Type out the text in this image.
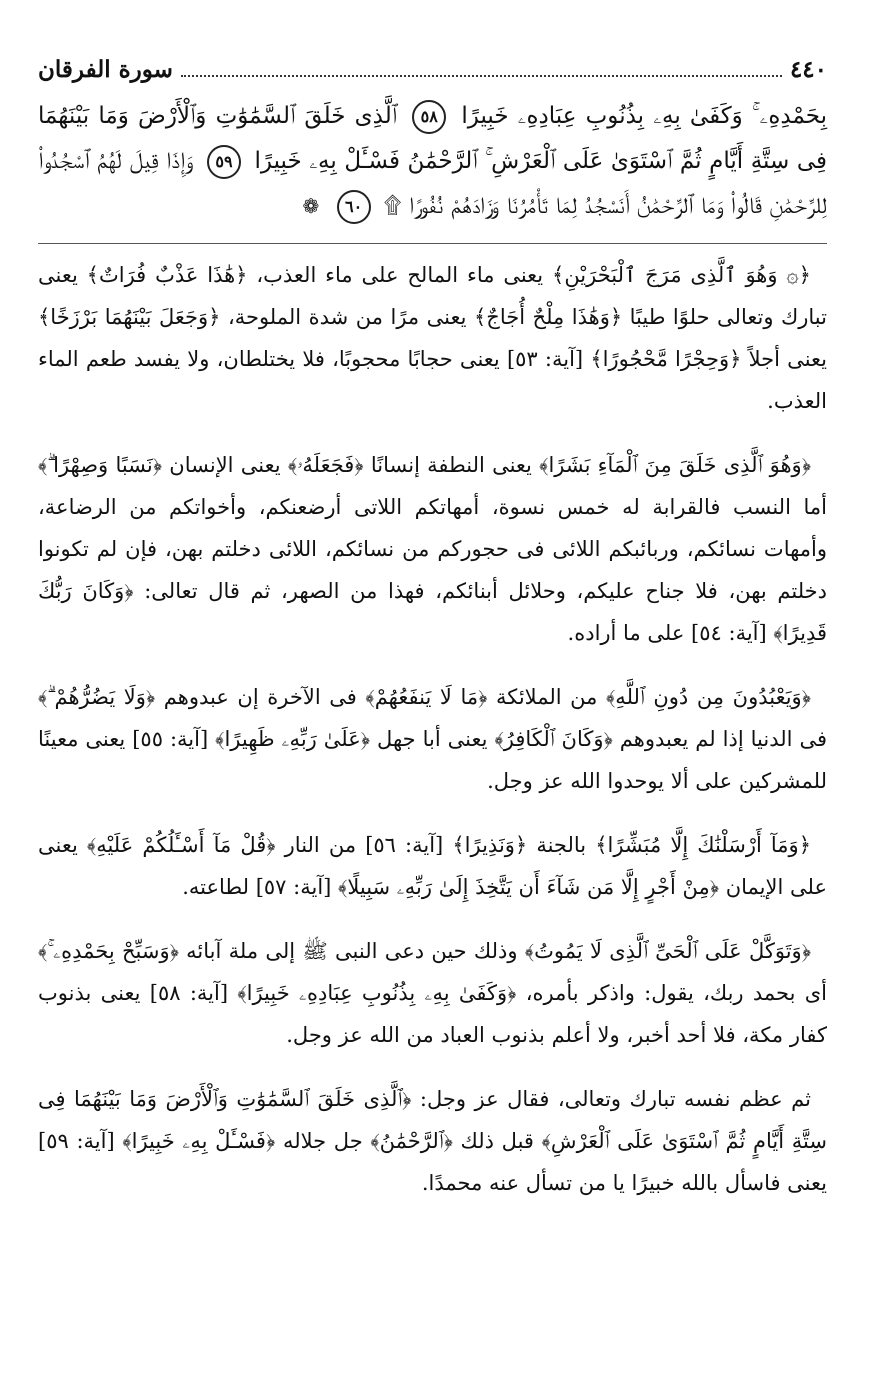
٤٤٠
سورة الفرقان
بِحَمْدِهِۦ ۚ وَكَفَىٰ بِهِۦ بِذُنُوبِ عِبَادِهِۦ خَبِيرًا ٥٨ ٱلَّذِى خَلَقَ ٱلسَّمَٰوَٰتِ وَٱلْأَرْضَ وَمَا بَيْنَهُمَا فِى سِتَّةِ أَيَّامٍ ثُمَّ ٱسْتَوَىٰ عَلَى ٱلْعَرْشِ ۚ ٱلرَّحْمَٰنُ فَسْـَٔلْ بِهِۦ خَبِيرًا ٥٩ وَإِذَا قِيلَ لَهُمُ ٱسْجُدُوا۟ لِلرَّحْمَٰنِ قَالُوا۟ وَمَا ٱلرَّحْمَٰنُ أَنَسْجُدُ لِمَا تَأْمُرُنَا وَزَادَهُمْ نُفُورًا ۩ ٦٠ ❁

﴿۞ وَهُوَ ٱلَّذِى مَرَجَ ٱلْبَحْرَيْنِ﴾ يعنى ماء المالح على ماء العذب، ﴿هَٰذَا عَذْبٌ فُرَاتٌ﴾ يعنى تبارك وتعالى حلوًا طيبًا ﴿وَهَٰذَا مِلْحٌ أُجَاجٌ﴾ يعنى مرًا من شدة الملوحة، ﴿وَجَعَلَ بَيْنَهُمَا بَرْزَخًا﴾ يعنى أجلاً ﴿وَحِجْرًا مَّحْجُورًا﴾ [آية: ٥٣] يعنى حجابًا محجوبًا، فلا يختلطان، ولا يفسد طعم الماء العذب.

﴿وَهُوَ ٱلَّذِى خَلَقَ مِنَ ٱلْمَآءِ بَشَرًا﴾ يعنى النطفة إنسانًا ﴿فَجَعَلَهُۥ﴾ يعنى الإنسان ﴿نَسَبًا وَصِهْرًا ۗ﴾ أما النسب فالقرابة له خمس نسوة، أمهاتكم اللاتى أرضعنكم، وأخواتكم من الرضاعة، وأمهات نسائكم، وربائبكم اللائى فى حجوركم من نسائكم، اللائى دخلتم بهن، فإن لم تكونوا دخلتم بهن، فلا جناح عليكم، وحلائل أبنائكم، فهذا من الصهر، ثم قال تعالى: ﴿وَكَانَ رَبُّكَ قَدِيرًا﴾ [آية: ٥٤] على ما أراده.

﴿وَيَعْبُدُونَ مِن دُونِ ٱللَّهِ﴾ من الملائكة ﴿مَا لَا يَنفَعُهُمْ﴾ فى الآخرة إن عبدوهم ﴿وَلَا يَضُرُّهُمْ ۗ﴾ فى الدنيا إذا لم يعبدوهم ﴿وَكَانَ ٱلْكَافِرُ﴾ يعنى أبا جهل ﴿عَلَىٰ رَبِّهِۦ ظَهِيرًا﴾ [آية: ٥٥] يعنى معينًا للمشركين على ألا يوحدوا الله عز وجل.

﴿وَمَآ أَرْسَلْنَٰكَ إِلَّا مُبَشِّرًا﴾ بالجنة ﴿وَنَذِيرًا﴾ [آية: ٥٦] من النار ﴿قُلْ مَآ أَسْـَٔلُكُمْ عَلَيْهِ﴾ يعنى على الإيمان ﴿مِنْ أَجْرٍ إِلَّا مَن شَآءَ أَن يَتَّخِذَ إِلَىٰ رَبِّهِۦ سَبِيلًا﴾ [آية: ٥٧] لطاعته.

﴿وَتَوَكَّلْ عَلَى ٱلْحَىِّ ٱلَّذِى لَا يَمُوتُ﴾ وذلك حين دعى النبى ﷺ إلى ملة آبائه ﴿وَسَبِّحْ بِحَمْدِهِۦ ۚ﴾ أى بحمد ربك، يقول: واذكر بأمره، ﴿وَكَفَىٰ بِهِۦ بِذُنُوبِ عِبَادِهِۦ خَبِيرًا﴾ [آية: ٥٨] يعنى بذنوب كفار مكة، فلا أحد أخبر، ولا أعلم بذنوب العباد من الله عز وجل.

ثم عظم نفسه تبارك وتعالى، فقال عز وجل: ﴿ٱلَّذِى خَلَقَ ٱلسَّمَٰوَٰتِ وَٱلْأَرْضَ وَمَا بَيْنَهُمَا فِى سِتَّةِ أَيَّامٍ ثُمَّ ٱسْتَوَىٰ عَلَى ٱلْعَرْشِ﴾ قبل ذلك ﴿ٱلرَّحْمَٰنُ﴾ جل جلاله ﴿فَسْـَٔلْ بِهِۦ خَبِيرًا﴾ [آية: ٥٩] يعنى فاسأل بالله خبيرًا يا من تسأل عنه محمدًا.
